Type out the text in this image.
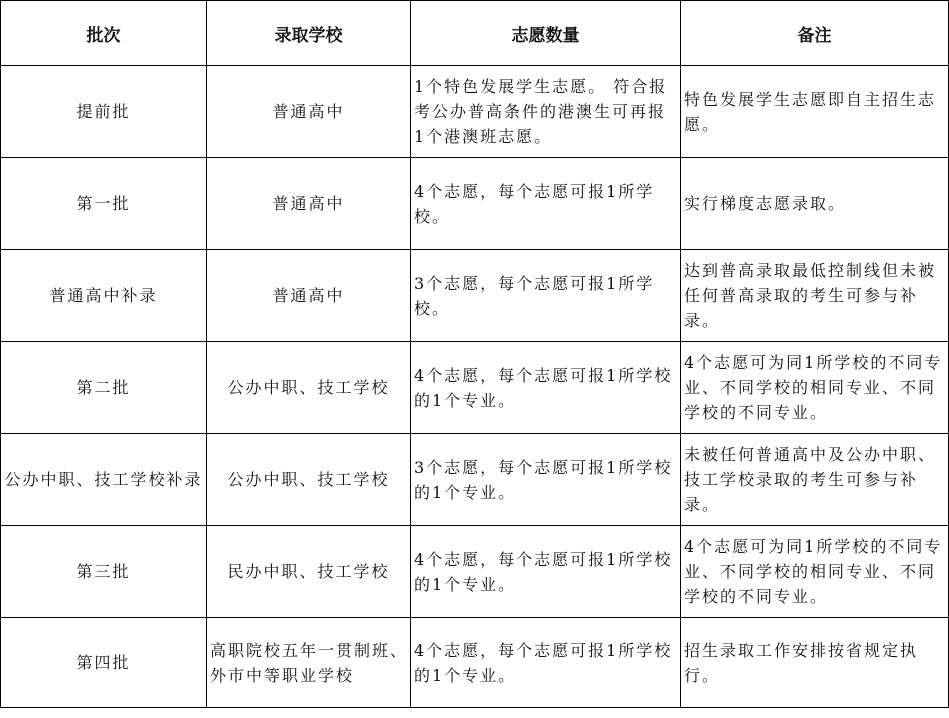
批次	录取学校	志愿数量	备注
提前批	普通高中	1个特色发展学生志愿。 符合报考公办普高条件的港澳生可再报1个港澳班志愿。	特色发展学生志愿即自主招生志愿。
第一批	普通高中	4个志愿，每个志愿可报1所学校。	实行梯度志愿录取。
普通高中补录	普通高中	3个志愿，每个志愿可报1所学校。	达到普高录取最低控制线但未被任何普高录取的考生可参与补录。
第二批	公办中职、技工学校	4个志愿，每个志愿可报1所学校的1个专业。	4个志愿可为同1所学校的不同专业、不同学校的相同专业、不同学校的不同专业。
公办中职、技工学校补录	公办中职、技工学校	3个志愿，每个志愿可报1所学校的1个专业。	未被任何普通高中及公办中职、技工学校录取的考生可参与补录。
第三批	民办中职、技工学校	4个志愿，每个志愿可报1所学校的1个专业。	4个志愿可为同1所学校的不同专业、不同学校的相同专业、不同学校的不同专业。
第四批	高职院校五年一贯制班、外市中等职业学校	4个志愿，每个志愿可报1所学校的1个专业。	招生录取工作安排按省规定执行。
